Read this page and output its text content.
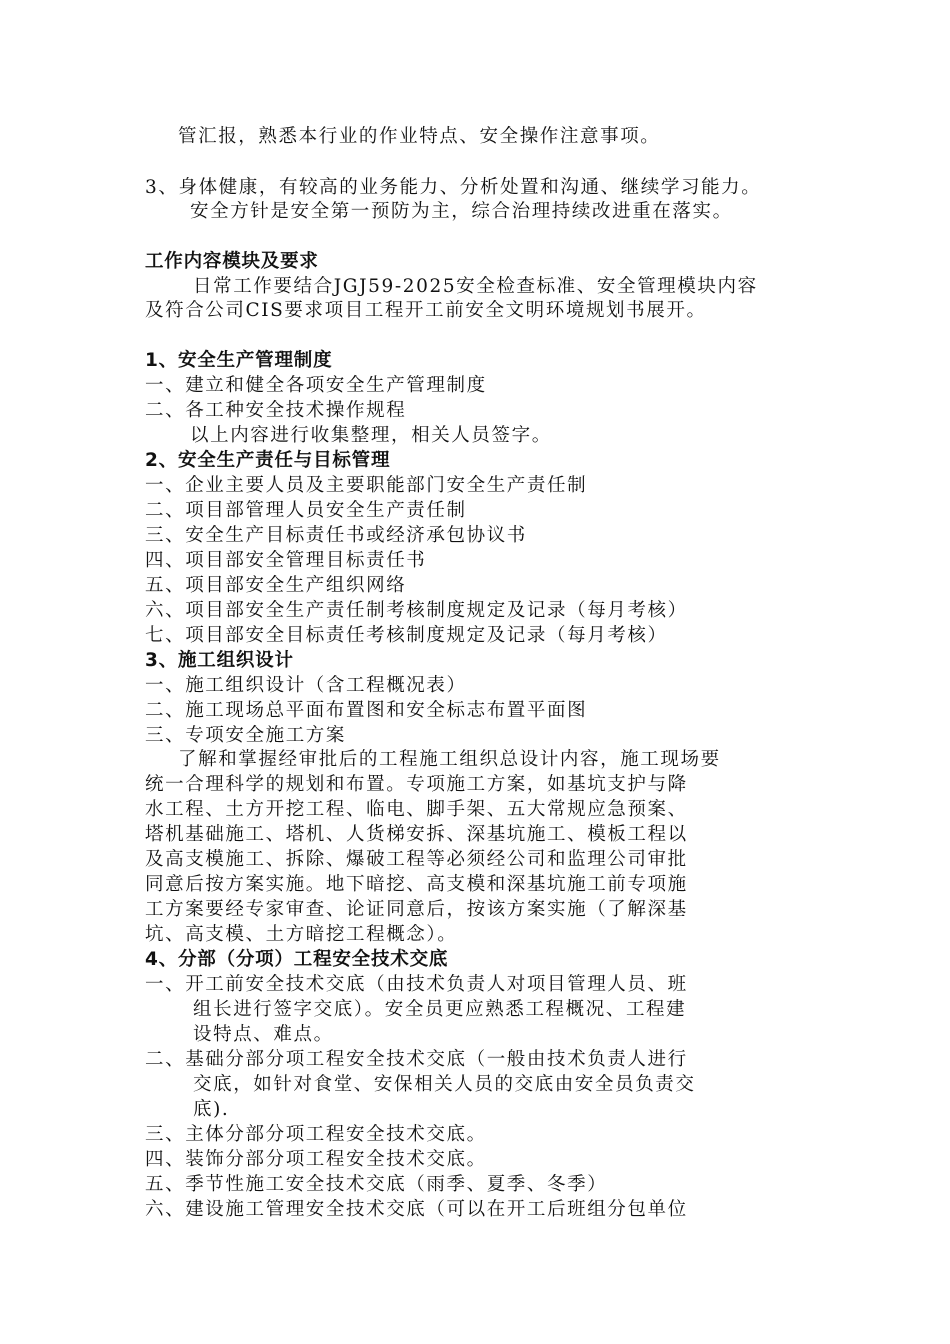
管汇报，熟悉本行业的作业特点、安全操作注意事项。
3、身体健康，有较高的业务能力、分析处置和沟通、继续学习能力。
安全方针是安全第一预防为主，综合治理持续改进重在落实。
工作内容模块及要求
日常工作要结合JGJ59-2025安全检查标准、安全管理模块内容
及符合公司CIS要求项目工程开工前安全文明环境规划书展开。
1、安全生产管理制度
一、建立和健全各项安全生产管理制度
二、各工种安全技术操作规程
以上内容进行收集整理，相关人员签字。
2、安全生产责任与目标管理
一、企业主要人员及主要职能部门安全生产责任制
二、项目部管理人员安全生产责任制
三、安全生产目标责任书或经济承包协议书
四、项目部安全管理目标责任书
五、项目部安全生产组织网络
六、项目部安全生产责任制考核制度规定及记录（每月考核）
七、项目部安全目标责任考核制度规定及记录（每月考核）
3、施工组织设计
一、施工组织设计（含工程概况表）
二、施工现场总平面布置图和安全标志布置平面图
三、专项安全施工方案
了解和掌握经审批后的工程施工组织总设计内容，施工现场要
统一合理科学的规划和布置。专项施工方案，如基坑支护与降
水工程、土方开挖工程、临电、脚手架、五大常规应急预案、
塔机基础施工、塔机、人货梯安拆、深基坑施工、模板工程以
及高支模施工、拆除、爆破工程等必须经公司和监理公司审批
同意后按方案实施。地下暗挖、高支模和深基坑施工前专项施
工方案要经专家审查、论证同意后，按该方案实施（了解深基
坑、高支模、土方暗挖工程概念）。
4、分部（分项）工程安全技术交底
一、开工前安全技术交底（由技术负责人对项目管理人员、班
组长进行签字交底）。安全员更应熟悉工程概况、工程建
设特点、难点。
二、基础分部分项工程安全技术交底（一般由技术负责人进行
交底，如针对食堂、安保相关人员的交底由安全员负责交
底).
三、主体分部分项工程安全技术交底。
四、装饰分部分项工程安全技术交底。
五、季节性施工安全技术交底（雨季、夏季、冬季）
六、建设施工管理安全技术交底（可以在开工后班组分包单位
